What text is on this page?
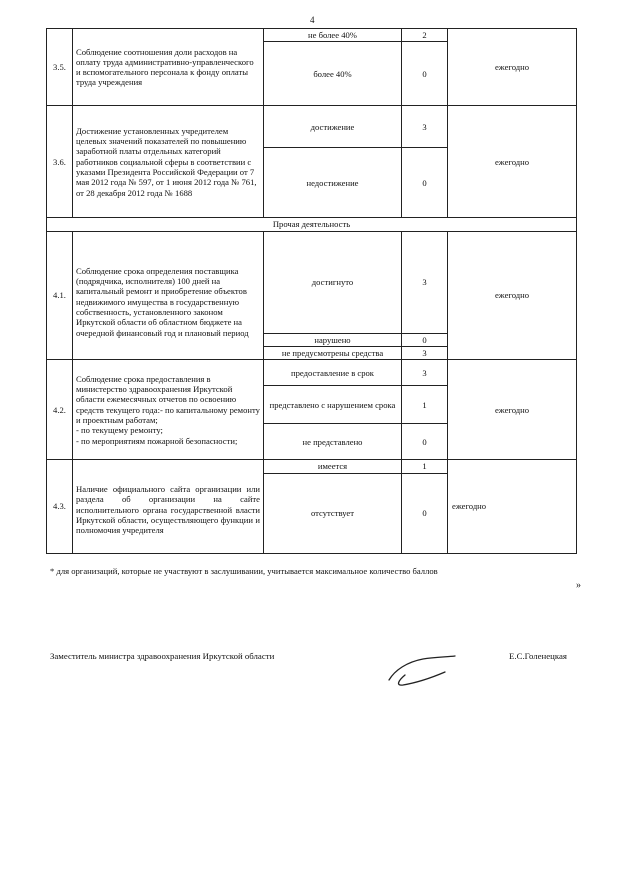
4
3.5.	Соблюдение соотношения доли расходов на оплату труда административно-управленческого и вспомогательного персонала к фонду оплаты труда учреждения	не более 40%	2	ежегодно
		более 40%	0	
3.6.	Достижение установленных учредителем целевых значений показателей по повышению заработной платы отдельных категорий работников социальной сферы в соответствии с указами Президента Российской Федерации от 7 мая 2012 года № 597, от 1 июня 2012 года № 761, от 28 декабря 2012 года № 1688	достижение	3	ежегодно
		недостижение	0	
Прочая деятельность				
4.1.	Соблюдение срока определения поставщика (подрядчика, исполнителя) 100 дней на капитальный ремонт и приобретение объектов недвижимого имущества в государственную собственность, установленного законом Иркутской области об областном бюджете на очередной финансовый год и плановый период	достигнуто	3	ежегодно
		нарушено	0	
		не предусмотрены средства	3	
4.2.	Соблюдение срока предоставления в министерство здравоохранения Иркутской области ежемесячных отчетов по освоению средств текущего года:- по капитальному ремонту и проектным работам;
- по текущему ремонту;
- по мероприятиям пожарной безопасности;	предоставление в срок	3	ежегодно
		представлено с нарушением срока	1	
		не представлено	0	
4.3.	Наличие официального сайта организации или раздела об организации на сайте исполнительного органа государственной власти Иркутской области, осуществляющего функции и полномочия учредителя	имеется	1	ежегодно
		отсутствует	0	
* для организаций, которые не участвуют в заслушивании, учитывается максимальное количество баллов
»
Заместитель министра здравоохранения Иркутской области	Е.С.Голенецкая
